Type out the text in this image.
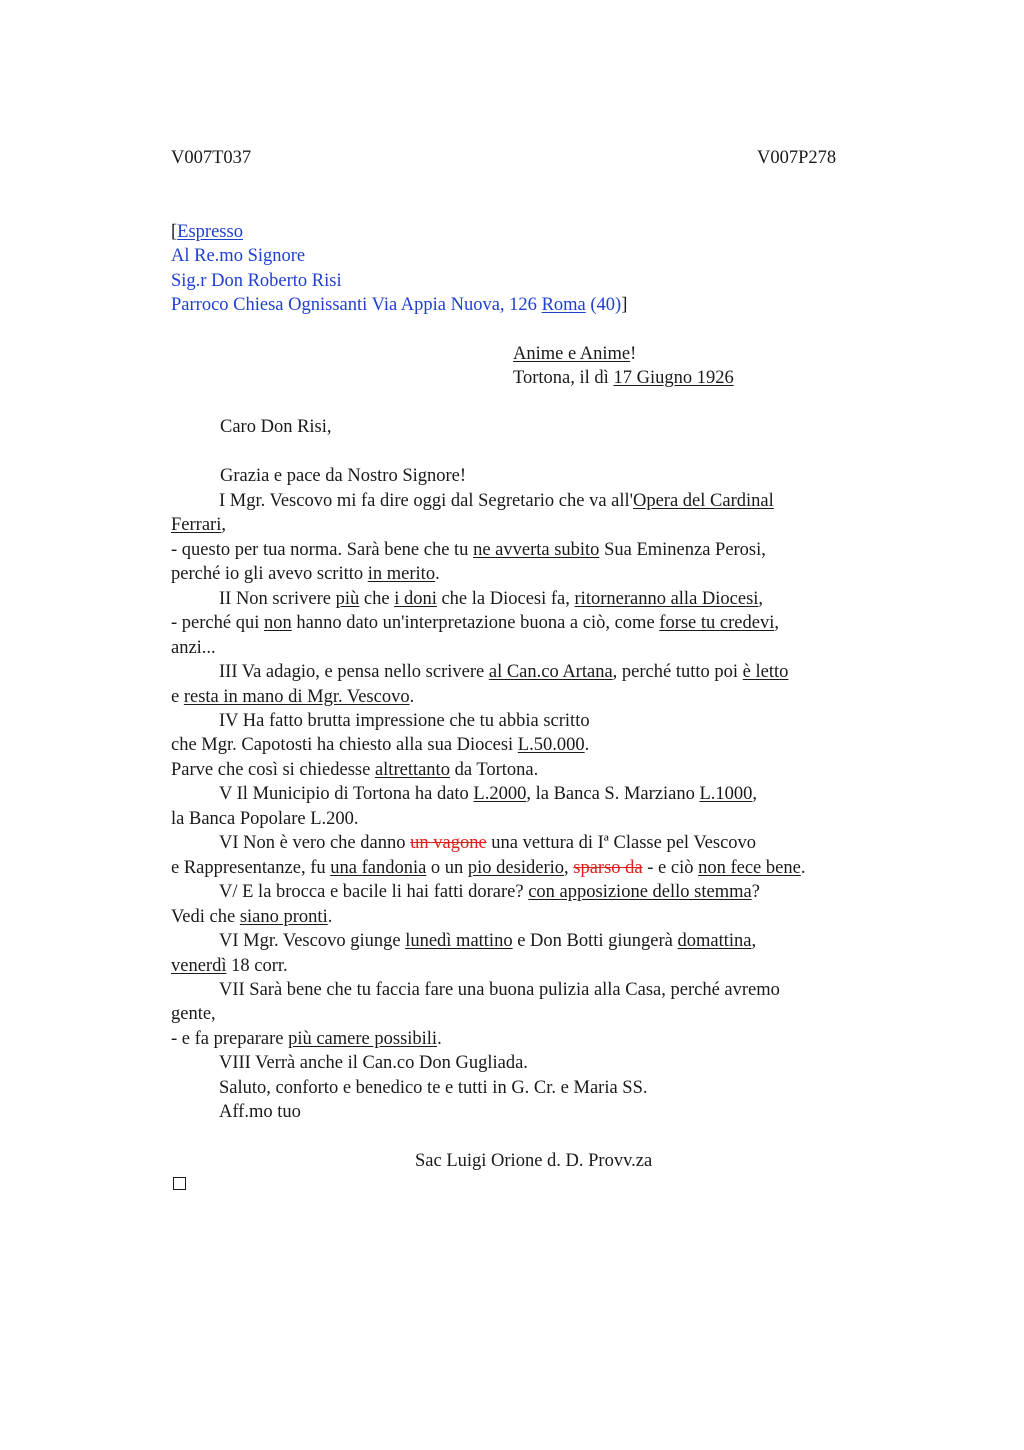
V007T037	V007P278
[Espresso
Al Re.mo Signore
Sig.r Don Roberto Risi
Parroco Chiesa Ognissanti Via Appia Nuova, 126 Roma (40)]
Anime e Anime!
Tortona, il dì 17 Giugno 1926
Caro Don Risi,
Grazia e pace da Nostro Signore!
I Mgr. Vescovo mi fa dire oggi dal Segretario che va all'Opera del Cardinal
Ferrari,
- questo per tua norma. Sarà bene che tu ne avverta subito Sua Eminenza Perosi,
perché io gli avevo scritto in merito.
II Non scrivere più che i doni che la Diocesi fa, ritorneranno alla Diocesi,
- perché qui non hanno dato un'interpretazione buona a ciò, come forse tu credevi,
anzi...
III Va adagio, e pensa nello scrivere al Can.co Artana, perché tutto poi è letto
e resta in mano di Mgr. Vescovo.
IV Ha fatto brutta impressione che tu abbia scritto
che Mgr. Capotosti ha chiesto alla sua Diocesi L.50.000.
Parve che così si chiedesse altrettanto da Tortona.
V Il Municipio di Tortona ha dato L.2000, la Banca S. Marziano L.1000,
la Banca Popolare L.200.
VI Non è vero che danno un vagone una vettura di Iª Classe pel Vescovo
e Rappresentanze, fu una fandonia o un pio desiderio, sparso da - e ciò non fece bene.
V/ E la brocca e bacile li hai fatti dorare? con apposizione dello stemma?
Vedi che siano pronti.
VI Mgr. Vescovo giunge lunedì mattino e Don Botti giungerà domattina,
venerdì 18 corr.
VII Sarà bene che tu faccia fare una buona pulizia alla Casa, perché avremo
gente,
- e fa preparare più camere possibili.
VIII Verrà anche il Can.co Don Gugliada.
Saluto, conforto e benedico te e tutti in G. Cr. e Maria SS.
Aff.mo tuo
Sac Luigi Orione d. D. Provv.za
